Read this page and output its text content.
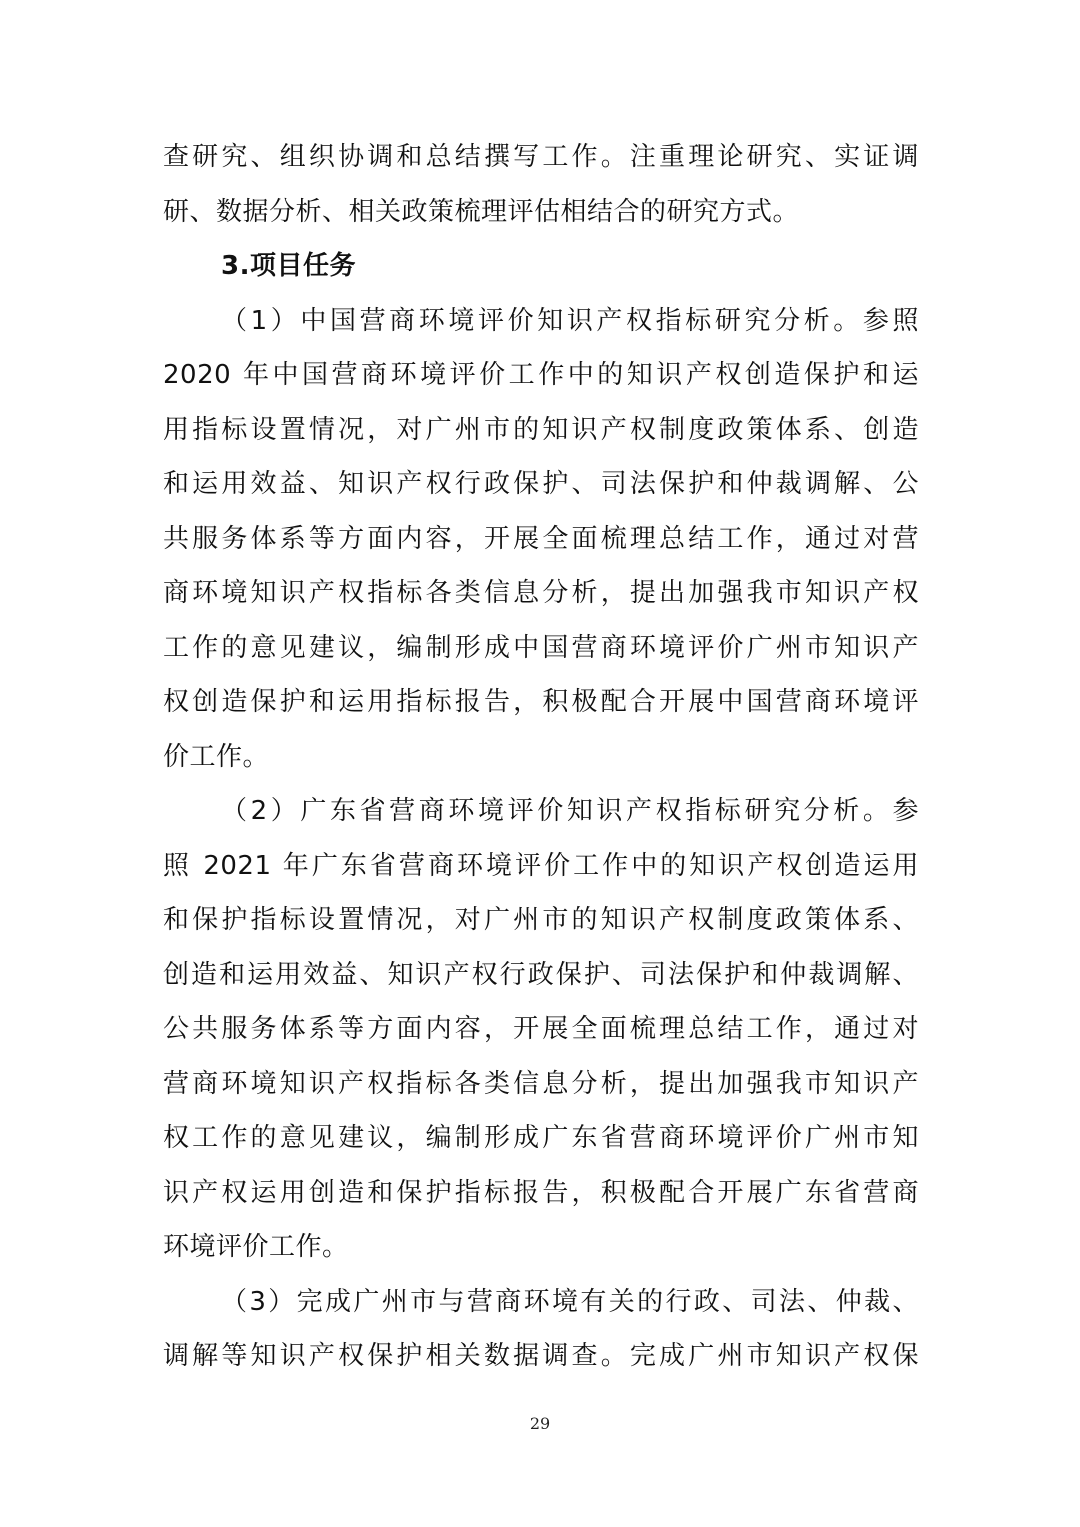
查研究、组织协调和总结撰写工作。注重理论研究、实证调
研、数据分析、相关政策梳理评估相结合的研究方式。
3.项目任务
（1）中国营商环境评价知识产权指标研究分析。参照
2020 年中国营商环境评价工作中的知识产权创造保护和运
用指标设置情况，对广州市的知识产权制度政策体系、创造
和运用效益、知识产权行政保护、司法保护和仲裁调解、公
共服务体系等方面内容，开展全面梳理总结工作，通过对营
商环境知识产权指标各类信息分析，提出加强我市知识产权
工作的意见建议，编制形成中国营商环境评价广州市知识产
权创造保护和运用指标报告，积极配合开展中国营商环境评
价工作。
（2）广东省营商环境评价知识产权指标研究分析。参
照 2021 年广东省营商环境评价工作中的知识产权创造运用
和保护指标设置情况，对广州市的知识产权制度政策体系、
创造和运用效益、知识产权行政保护、司法保护和仲裁调解、
公共服务体系等方面内容，开展全面梳理总结工作，通过对
营商环境知识产权指标各类信息分析，提出加强我市知识产
权工作的意见建议，编制形成广东省营商环境评价广州市知
识产权运用创造和保护指标报告，积极配合开展广东省营商
环境评价工作。
（3）完成广州市与营商环境有关的行政、司法、仲裁、
调解等知识产权保护相关数据调查。完成广州市知识产权保
29
